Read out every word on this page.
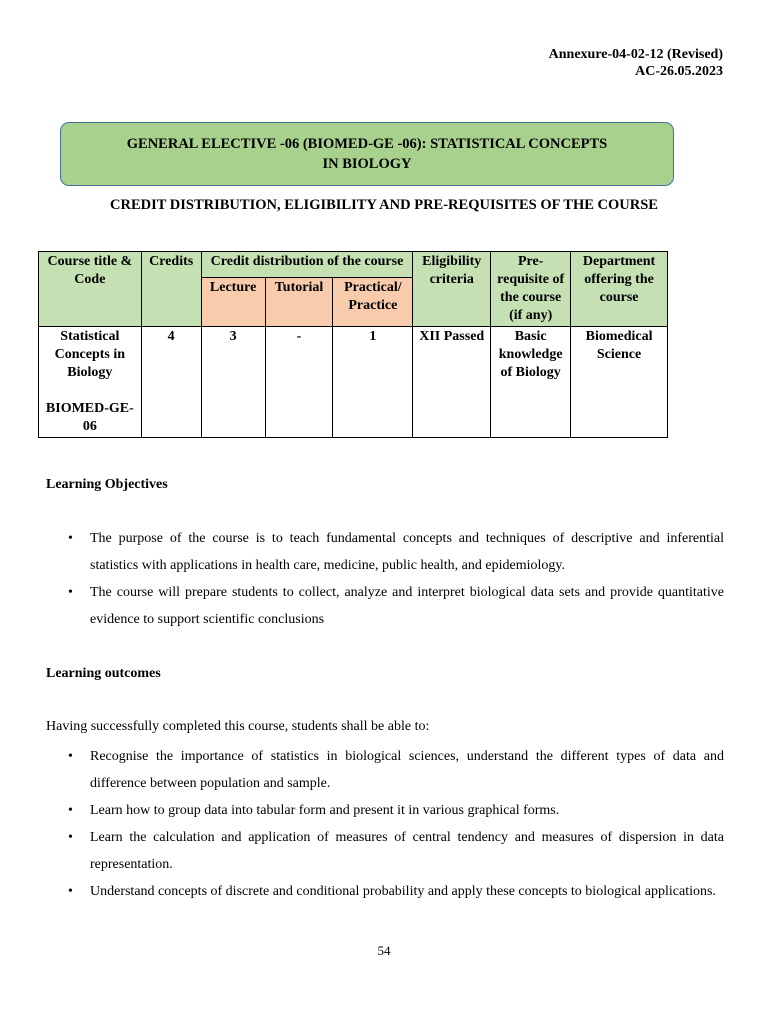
Annexure-04-02-12 (Revised)
AC-26.05.2023
GENERAL ELECTIVE -06 (BIOMED-GE -06): STATISTICAL CONCEPTS IN BIOLOGY
CREDIT DISTRIBUTION, ELIGIBILITY AND PRE-REQUISITES OF THE COURSE
Course title & Code	Credits	Credit distribution of the course			Eligibility criteria	Pre-requisite of the course (if any)	Department offering the course
		Lecture	Tutorial	Practical/ Practice			

Statistical Concepts in Biology
BIOMED-GE-06	4	3	-	1	XII Passed	Basic knowledge of Biology	Biomedical Science
Learning Objectives
• The purpose of the course is to teach fundamental concepts and techniques of descriptive and inferential statistics with applications in health care, medicine, public health, and epidemiology.
• The course will prepare students to collect, analyze and interpret biological data sets and provide quantitative evidence to support scientific conclusions
Learning outcomes
Having successfully completed this course, students shall be able to:
• Recognise the importance of statistics in biological sciences, understand the different types of data and difference between population and sample.
• Learn how to group data into tabular form and present it in various graphical forms.
• Learn the calculation and application of measures of central tendency and measures of dispersion in data representation.
• Understand concepts of discrete and conditional probability and apply these concepts to biological applications.
54
